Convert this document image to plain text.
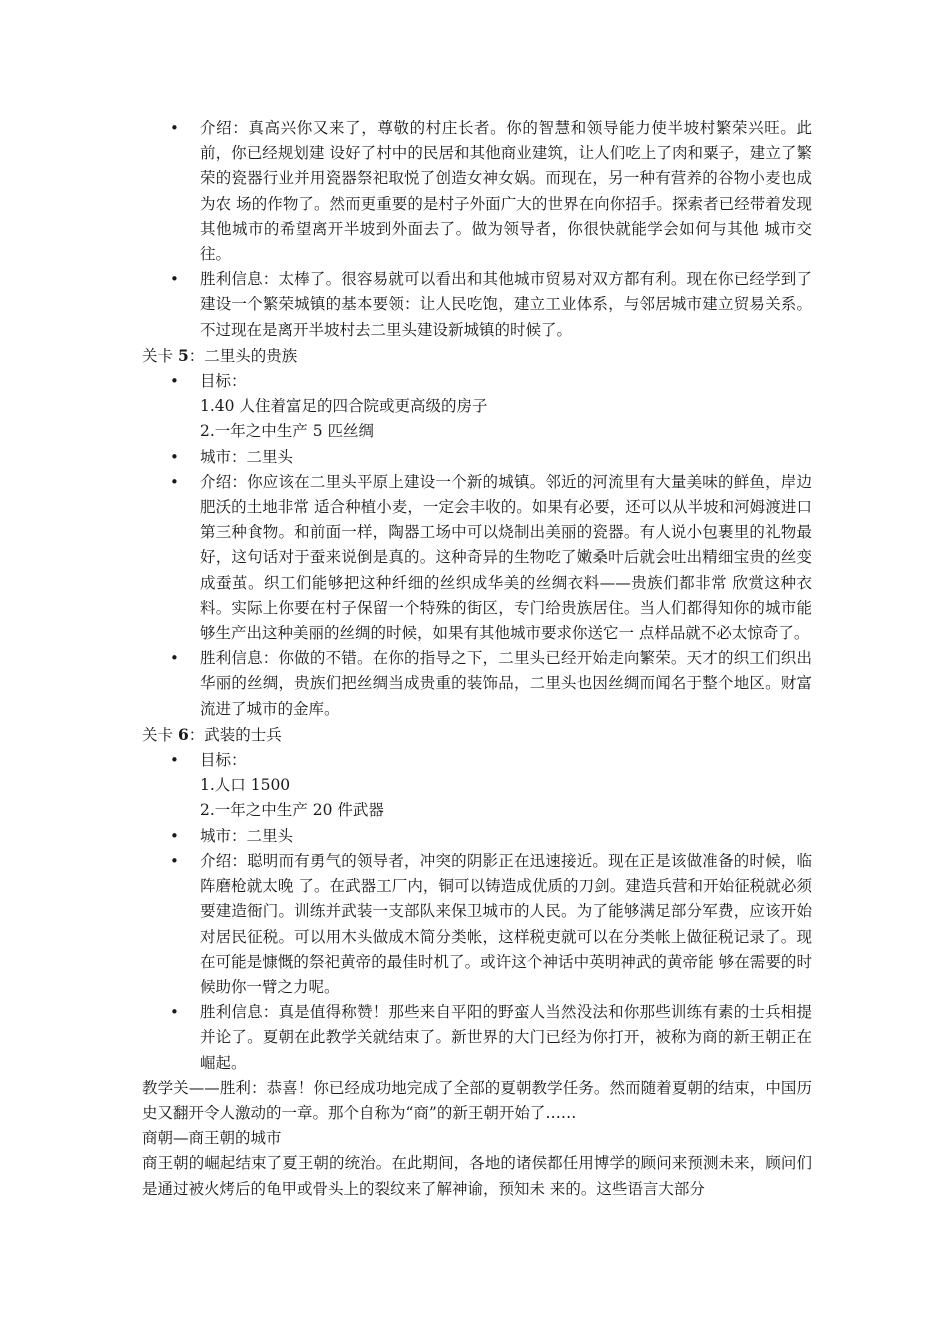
• 介绍：真高兴你又来了，尊敬的村庄长者。你的智慧和领导能力使半坡村繁荣兴旺。此前，你已经规划建 设好了村中的民居和其他商业建筑，让人们吃上了肉和粟子，建立了繁荣的瓷器行业并用瓷器祭祀取悦了创造女神女娲。而现在，另一种有营养的谷物小麦也成为农 场的作物了。然而更重要的是村子外面广大的世界在向你招手。探索者已经带着发现其他城市的希望离开半坡到外面去了。做为领导者，你很快就能学会如何与其他 城市交往。
• 胜利信息：太棒了。很容易就可以看出和其他城市贸易对双方都有利。现在你已经学到了建设一个繁荣城镇的基本要领：让人民吃饱，建立工业体系，与邻居城市建立贸易关系。不过现在是离开半坡村去二里头建设新城镇的时候了。
关卡 5：二里头的贵族
• 目标：
1.40 人住着富足的四合院或更高级的房子
2.一年之中生产 5 匹丝绸
• 城市：二里头
• 介绍：你应该在二里头平原上建设一个新的城镇。邻近的河流里有大量美味的鲜鱼，岸边肥沃的土地非常 适合种植小麦，一定会丰收的。如果有必要，还可以从半坡和河姆渡进口第三种食物。和前面一样，陶器工场中可以烧制出美丽的瓷器。有人说小包裹里的礼物最 好，这句话对于蚕来说倒是真的。这种奇异的生物吃了嫩桑叶后就会吐出精细宝贵的丝变成蚕茧。织工们能够把这种纤细的丝织成华美的丝绸衣料——贵族们都非常 欣赏这种衣料。实际上你要在村子保留一个特殊的街区，专门给贵族居住。当人们都得知你的城市能够生产出这种美丽的丝绸的时候，如果有其他城市要求你送它一 点样品就不必太惊奇了。
• 胜利信息：你做的不错。在你的指导之下，二里头已经开始走向繁荣。天才的织工们织出华丽的丝绸，贵族们把丝绸当成贵重的装饰品，二里头也因丝绸而闻名于整个地区。财富流进了城市的金库。
关卡 6：武装的士兵
• 目标：
1.人口 1500
2.一年之中生产 20 件武器
• 城市：二里头
• 介绍：聪明而有勇气的领导者，冲突的阴影正在迅速接近。现在正是该做准备的时候，临阵磨枪就太晚 了。在武器工厂内，铜可以铸造成优质的刀剑。建造兵营和开始征税就必须要建造衙门。训练并武装一支部队来保卫城市的人民。为了能够满足部分军费，应该开始 对居民征税。可以用木头做成木简分类帐，这样税吏就可以在分类帐上做征税记录了。现在可能是慷慨的祭祀黄帝的最佳时机了。或许这个神话中英明神武的黄帝能 够在需要的时候助你一臂之力呢。
• 胜利信息：真是值得称赞！那些来自平阳的野蛮人当然没法和你那些训练有素的士兵相提并论了。夏朝在此教学关就结束了。新世界的大门已经为你打开，被称为商的新王朝正在崛起。
教学关——胜利：恭喜！你已经成功地完成了全部的夏朝教学任务。然而随着夏朝的结束，中国历史又翻开令人激动的一章。那个自称为“商”的新王朝开始了……
商朝—商王朝的城市
商王朝的崛起结束了夏王朝的统治。在此期间，各地的诸侯都任用博学的顾问来预测未来，顾问们是通过被火烤后的龟甲或骨头上的裂纹来了解神谕，预知未 来的。这些语言大部分
